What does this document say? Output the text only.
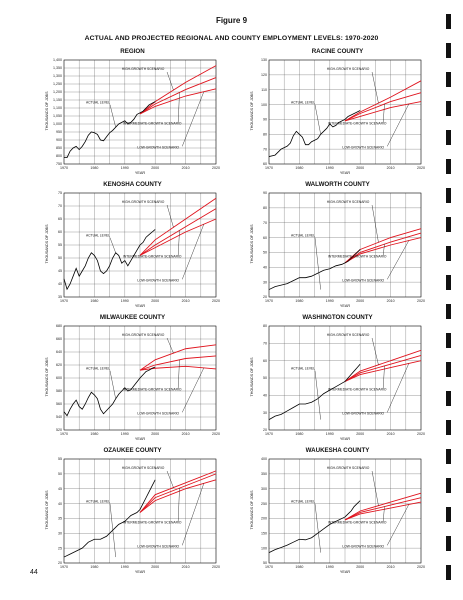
Figure 9
ACTUAL AND PROJECTED REGIONAL AND COUNTY EMPLOYMENT LEVELS: 1970-2020
44
REGION
THOUSANDS OF JOBS
YEAR
750
800
850
900
950
1,000
1,050
1,100
1,150
1,200
1,250
1,300
1,350
1,400
1970	1980	1990	2000	2010	2020
HIGH-GROWTH SCENARIO
ACTUAL LEVEL
INTERMEDIATE-GROWTH SCENARIO
LOW-GROWTH SCENARIO
RACINE COUNTY
THOUSANDS OF JOBS
YEAR
60
70
80
90
100
110
120
130
1970	1980	1990	2000	2010	2020
HIGH-GROWTH SCENARIO
ACTUAL LEVEL
INTERMEDIATE-GROWTH SCENARIO
LOW-GROWTH SCENARIO
KENOSHA COUNTY
THOUSANDS OF JOBS
YEAR
35
40
45
50
55
60
65
70
75
1970	1980	1990	2000	2010	2020
HIGH-GROWTH SCENARIO
ACTUAL LEVEL
INTERMEDIATE-GROWTH SCENARIO
LOW-GROWTH SCENARIO
WALWORTH COUNTY
THOUSANDS OF JOBS
YEAR
20
30
40
50
60
70
80
90
1970	1980	1990	2000	2010	2020
HIGH-GROWTH SCENARIO
ACTUAL LEVEL
INTERMEDIATE-GROWTH SCENARIO
LOW-GROWTH SCENARIO
MILWAUKEE COUNTY
THOUSANDS OF JOBS
YEAR
520
540
560
580
600
620
640
660
680
1970	1980	1990	2000	2010	2020
HIGH-GROWTH SCENARIO
ACTUAL LEVEL
INTERMEDIATE-GROWTH SCENARIO
LOW-GROWTH SCENARIO
WASHINGTON COUNTY
THOUSANDS OF JOBS
YEAR
20
30
40
50
60
70
80
1970	1980	1990	2000	2010	2020
HIGH-GROWTH SCENARIO
ACTUAL LEVEL
INTERMEDIATE-GROWTH SCENARIO
LOW-GROWTH SCENARIO
OZAUKEE COUNTY
THOUSANDS OF JOBS
YEAR
20
25
30
35
40
45
50
55
1970	1980	1990	2000	2010	2020
HIGH-GROWTH SCENARIO
ACTUAL LEVEL
INTERMEDIATE-GROWTH SCENARIO
LOW-GROWTH SCENARIO
WAUKESHA COUNTY
THOUSANDS OF JOBS
YEAR
50
100
150
200
250
300
350
400
1970	1980	1990	2000	2010	2020
HIGH-GROWTH SCENARIO
ACTUAL LEVEL
INTERMEDIATE-GROWTH SCENARIO
LOW-GROWTH SCENARIO
